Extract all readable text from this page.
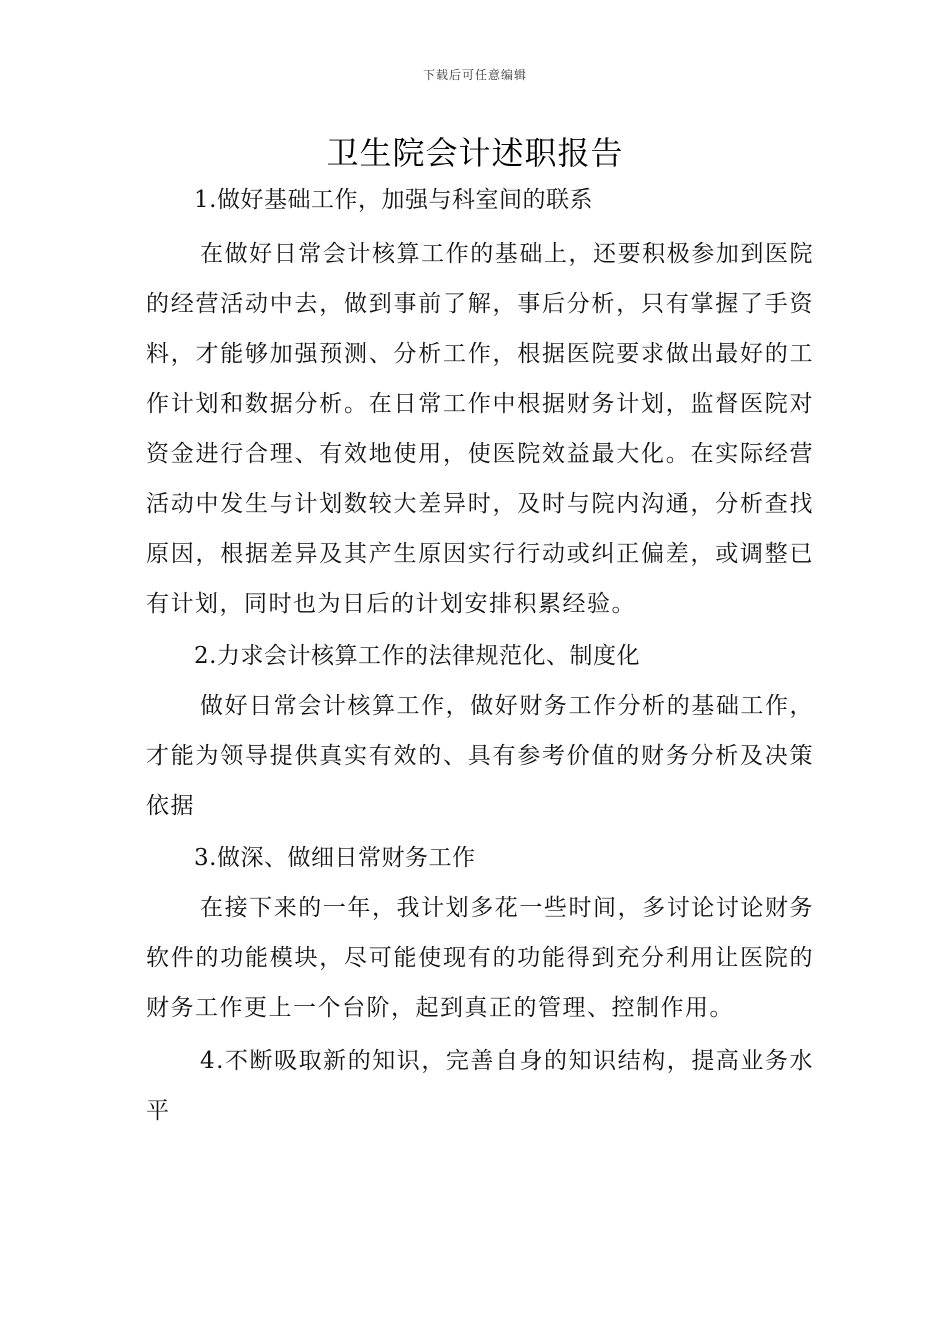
下载后可任意编辑
卫生院会计述职报告

1.做好基础工作，加强与科室间的联系

在做好日常会计核算工作的基础上，还要积极参加到医院的经营活动中去，做到事前了解，事后分析，只有掌握了手资料，才能够加强预测、分析工作，根据医院要求做出最好的工作计划和数据分析。在日常工作中根据财务计划，监督医院对资金进行合理、有效地使用，使医院效益最大化。在实际经营活动中发生与计划数较大差异时，及时与院内沟通，分析查找原因，根据差异及其产生原因实行行动或纠正偏差，或调整已有计划，同时也为日后的计划安排积累经验。

2.力求会计核算工作的法律规范化、制度化

做好日常会计核算工作，做好财务工作分析的基础工作，才能为领导提供真实有效的、具有参考价值的财务分析及决策依据

3.做深、做细日常财务工作

在接下来的一年，我计划多花一些时间，多讨论讨论财务软件的功能模块，尽可能使现有的功能得到充分利用让医院的财务工作更上一个台阶，起到真正的管理、控制作用。

4.不断吸取新的知识，完善自身的知识结构，提高业务水平
